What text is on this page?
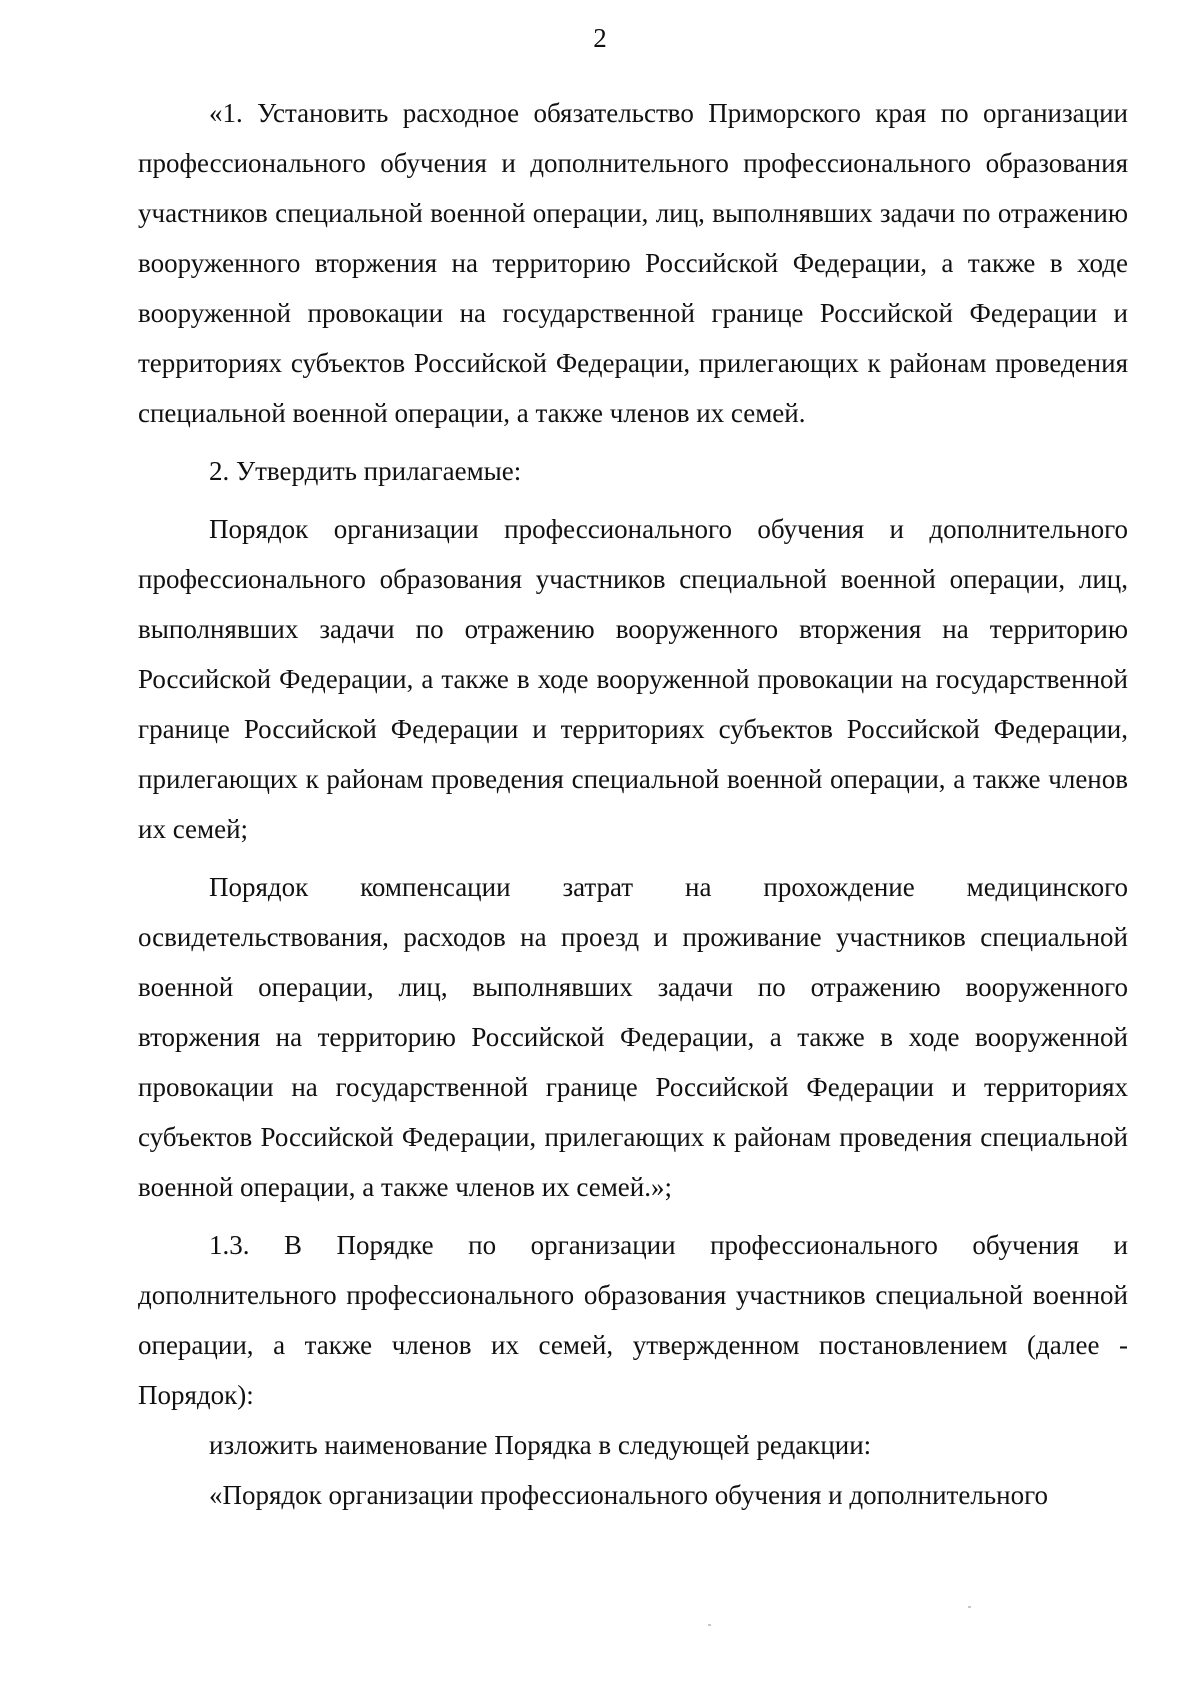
2

«1. Установить расходное обязательство Приморского края по организации профессионального обучения и дополнительного профессионального образования участников специальной военной операции, лиц, выполнявших задачи по отражению вооруженного вторжения на территорию Российской Федерации, а также в ходе вооруженной провокации на государственной границе Российской Федерации и территориях субъектов Российской Федерации, прилегающих к районам проведения специальной военной операции, а также членов их семей.

2. Утвердить прилагаемые:

Порядок организации профессионального обучения и дополнительного профессионального образования участников специальной военной операции, лиц, выполнявших задачи по отражению вооруженного вторжения на территорию Российской Федерации, а также в ходе вооруженной провокации на государственной границе Российской Федерации и территориях субъектов Российской Федерации, прилегающих к районам проведения специальной военной операции, а также членов их семей;

Порядок компенсации затрат на прохождение медицинского освидетельствования, расходов на проезд и проживание участников специальной военной операции, лиц, выполнявших задачи по отражению вооруженного вторжения на территорию Российской Федерации, а также в ходе вооруженной провокации на государственной границе Российской Федерации и территориях субъектов Российской Федерации, прилегающих к районам проведения специальной военной операции, а также членов их семей.»;

1.3. В Порядке по организации профессионального обучения и дополнительного профессионального образования участников специальной военной операции, а также членов их семей, утвержденном постановлением (далее - Порядок):

изложить наименование Порядка в следующей редакции:

«Порядок организации профессионального обучения и дополнительного
